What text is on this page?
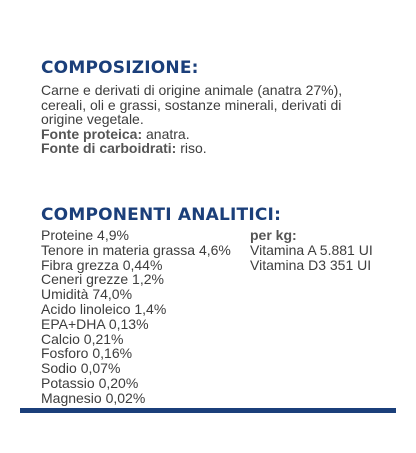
COMPOSIZIONE:

Carne e derivati di origine animale (anatra 27%), cereali, oli e grassi, sostanze minerali, derivati di origine vegetale.

Fonte proteica: anatra.

Fonte di carboidrati: riso.

COMPONENTI ANALITICI:
Proteine 4,9%
Tenore in materia grassa 4,6%
Fibra grezza 0,44%
Ceneri grezze 1,2%
Umidità 74,0%
Acido linoleico 1,4%
EPA+DHA 0,13%
Calcio 0,21%
Fosforo 0,16%
Sodio 0,07%
Potassio 0,20%
Magnesio 0,02%
per kg:
Vitamina A 5.881 UI
Vitamina D3 351 UI
